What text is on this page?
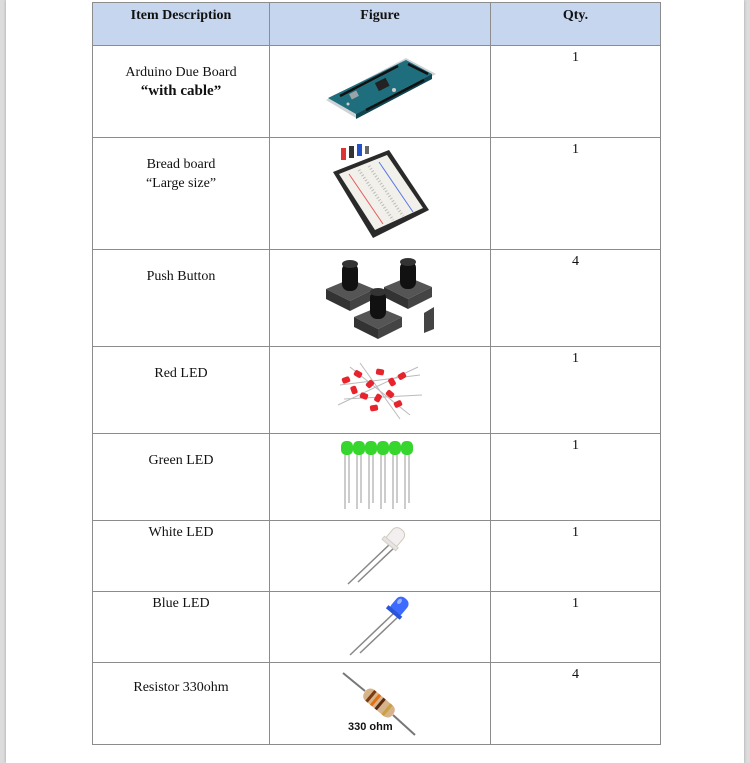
Item Description	Figure	Qty.

Arduino Due Board
“with cable”		1

Bread board
“Large size”		1

Push Button		4

Red LED		1

Green LED		1

White LED		1

Blue LED		1

Resistor 330ohm	330 ohm	4
